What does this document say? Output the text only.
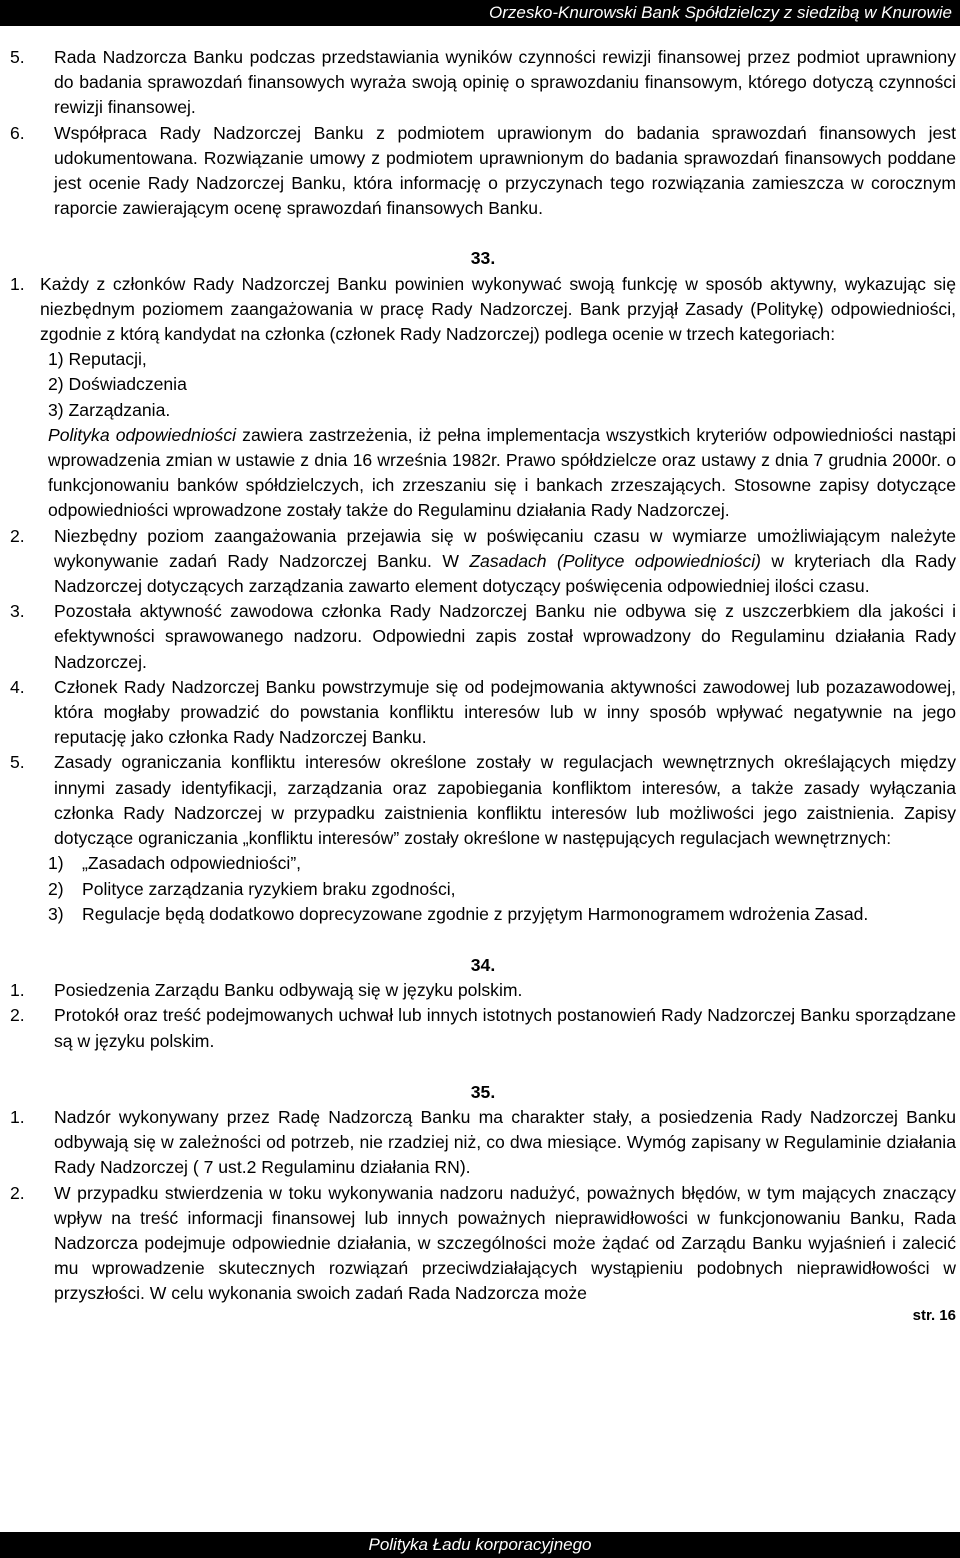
Orzesko-Knurowski Bank Spółdzielczy z siedzibą w Knurowie
5. Rada Nadzorcza Banku podczas przedstawiania wyników czynności rewizji finansowej przez podmiot uprawniony do badania sprawozdań finansowych wyraża swoją opinię o sprawozdaniu finansowym, którego dotyczą czynności rewizji finansowej.
6. Współpraca Rady Nadzorczej Banku z podmiotem uprawionym do badania sprawozdań finansowych jest udokumentowana. Rozwiązanie umowy z podmiotem uprawnionym do badania sprawozdań finansowych poddane jest ocenie Rady Nadzorczej Banku, która informację o przyczynach tego rozwiązania zamieszcza w corocznym raporcie zawierającym ocenę sprawozdań finansowych Banku.
33.
1. Każdy z członków Rady Nadzorczej Banku powinien wykonywać swoją funkcję w sposób aktywny, wykazując się niezbędnym poziomem zaangażowania w pracę Rady Nadzorczej. Bank przyjął Zasady (Politykę) odpowiedniości, zgodnie z którą kandydat na członka (członek Rady Nadzorczej) podlega ocenie w trzech kategoriach:
1) Reputacji,
2) Doświadczenia
3) Zarządzania.
Polityka odpowiedniości zawiera zastrzeżenia, iż pełna implementacja wszystkich kryteriów odpowiedniości nastąpi wprowadzenia zmian w ustawie z dnia 16 września 1982r. Prawo spółdzielcze oraz ustawy z dnia 7 grudnia 2000r. o funkcjonowaniu banków spółdzielczych, ich zrzeszaniu się i bankach zrzeszających. Stosowne zapisy dotyczące odpowiedniości wprowadzone zostały także do Regulaminu działania Rady Nadzorczej.
2. Niezbędny poziom zaangażowania przejawia się w poświęcaniu czasu w wymiarze umożliwiającym należyte wykonywanie zadań Rady Nadzorczej Banku. W Zasadach (Polityce odpowiedniości) w kryteriach dla Rady Nadzorczej dotyczących zarządzania zawarto element dotyczący poświęcenia odpowiedniej ilości czasu.
3. Pozostała aktywność zawodowa członka Rady Nadzorczej Banku nie odbywa się z uszczerbkiem dla jakości i efektywności sprawowanego nadzoru. Odpowiedni zapis został wprowadzony do Regulaminu działania Rady Nadzorczej.
4. Członek Rady Nadzorczej Banku powstrzymuje się od podejmowania aktywności zawodowej lub pozazawodowej, która mogłaby prowadzić do powstania konfliktu interesów lub w inny sposób wpływać negatywnie na jego reputację jako członka Rady Nadzorczej Banku.
5. Zasady ograniczania konfliktu interesów określone zostały w regulacjach wewnętrznych określających między innymi zasady identyfikacji, zarządzania oraz zapobiegania konfliktom interesów, a także zasady wyłączania członka Rady Nadzorczej w przypadku zaistnienia konfliktu interesów lub możliwości jego zaistnienia. Zapisy dotyczące ograniczania „konfliktu interesów” zostały określone w następujących regulacjach wewnętrznych:
1) „Zasadach odpowiedniości”,
2) Polityce zarządzania ryzykiem braku zgodności,
3) Regulacje będą dodatkowo doprecyzowane zgodnie z przyjętym Harmonogramem wdrożenia Zasad.
34.
1. Posiedzenia Zarządu Banku odbywają się w języku polskim.
2. Protokół oraz treść podejmowanych uchwał lub innych istotnych postanowień Rady Nadzorczej Banku sporządzane są w języku polskim.
35.
1. Nadzór wykonywany przez Radę Nadzorczą Banku ma charakter stały, a posiedzenia Rady Nadzorczej Banku odbywają się w zależności od potrzeb, nie rzadziej niż, co dwa miesiące. Wymóg zapisany w Regulaminie działania Rady Nadzorczej ( 7 ust.2 Regulaminu działania RN).
2. W przypadku stwierdzenia w toku wykonywania nadzoru nadużyć, poważnych błędów, w tym mających znaczący wpływ na treść informacji finansowej lub innych poważnych nieprawidłowości w funkcjonowaniu Banku, Rada Nadzorcza podejmuje odpowiednie działania, w szczególności może żądać od Zarządu Banku wyjaśnień i zalecić mu wprowadzenie skutecznych rozwiązań przeciwdziałających wystąpieniu podobnych nieprawidłowości w przyszłości. W celu wykonania swoich zadań Rada Nadzorcza może
str. 16
Polityka Ładu korporacyjnego
